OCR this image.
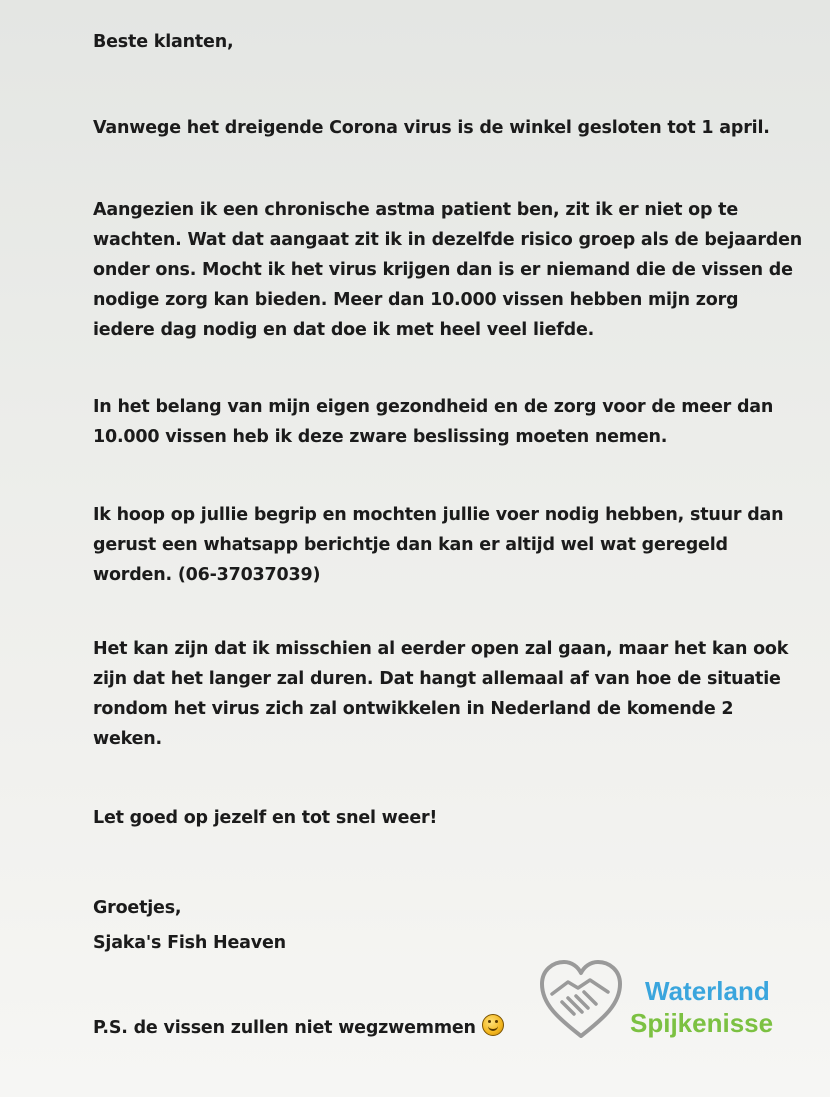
Beste klanten,

Vanwege het dreigende Corona virus is de winkel gesloten tot 1 april.

Aangezien ik een chronische astma patient ben, zit ik er niet op te

wachten. Wat dat aangaat zit ik in dezelfde risico groep als de bejaarden

onder ons. Mocht ik het virus krijgen dan is er niemand die de vissen de

nodige zorg kan bieden. Meer dan 10.000 vissen hebben mijn zorg

iedere dag nodig en dat doe ik met heel veel liefde.

In het belang van mijn eigen gezondheid en de zorg voor de meer dan

10.000 vissen heb ik deze zware beslissing moeten nemen.

Ik hoop op jullie begrip en mochten jullie voer nodig hebben, stuur dan

gerust een whatsapp berichtje dan kan er altijd wel wat geregeld

worden. (06-37037039)

Het kan zijn dat ik misschien al eerder open zal gaan, maar het kan ook

zijn dat het langer zal duren. Dat hangt allemaal af van hoe de situatie

rondom het virus zich zal ontwikkelen in Nederland de komende 2

weken.

Let goed op jezelf en tot snel weer!

Groetjes,

Sjaka's Fish Heaven

P.S. de vissen zullen niet wegzwemmen

Waterland
Spijkenisse
